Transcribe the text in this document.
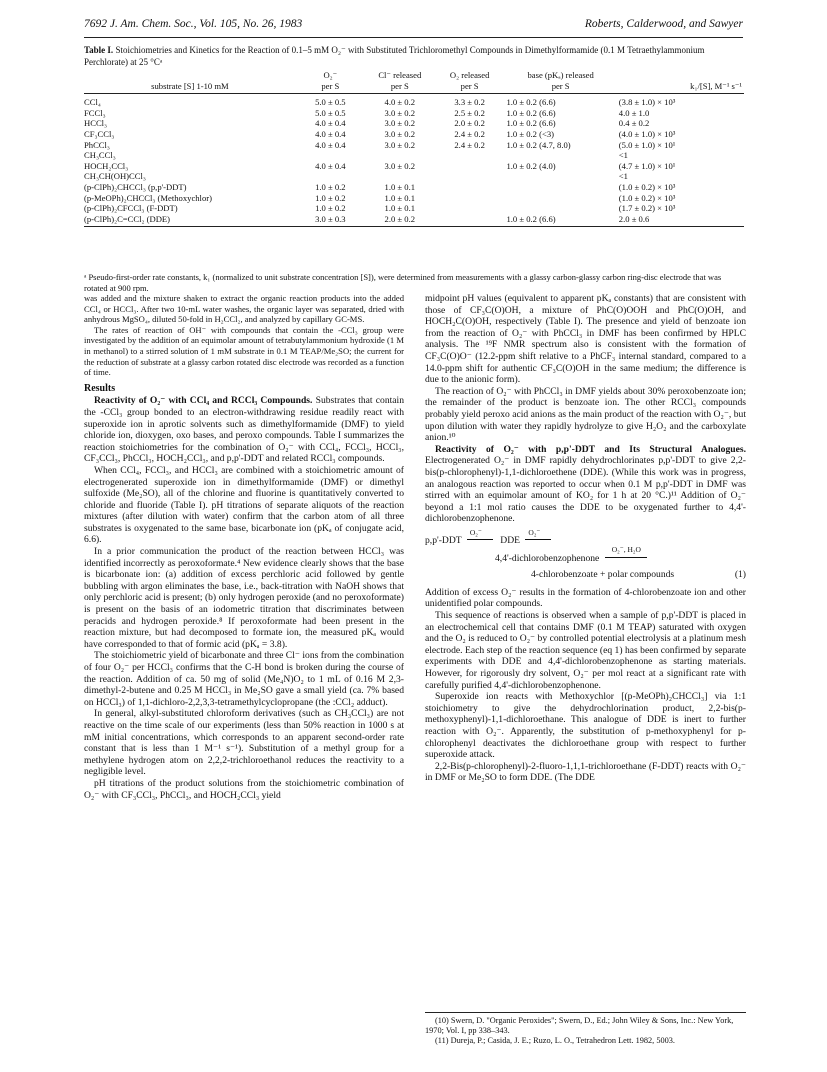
7692 J. Am. Chem. Soc., Vol. 105, No. 26, 1983	Roberts, Calderwood, and Sawyer
Table I. Stoichiometries and Kinetics for the Reaction of 0.1–5 mM O₂⁻ with Substituted Trichloromethyl Compounds in Dimethylformamide (0.1 M Tetraethylammonium Perchlorate) at 25 °Cᵃ
	O₂⁻	Cl⁻ released	O₂ released	base (pKₐ) released	
substrate [S] 1-10 mM	per S	per S	per S	per S	k₁/[S], M⁻¹ s⁻¹
CCl₄	5.0 ± 0.5	4.0 ± 0.2	3.3 ± 0.2	1.0 ± 0.2 (6.6)	(3.8 ± 1.0) × 10³
FCCl₃	5.0 ± 0.5	3.0 ± 0.2	2.5 ± 0.2	1.0 ± 0.2 (6.6)	4.0 ± 1.0
HCCl₃	4.0 ± 0.4	3.0 ± 0.2	2.0 ± 0.2	1.0 ± 0.2 (6.6)	0.4 ± 0.2
CF₃CCl₃	4.0 ± 0.4	3.0 ± 0.2	2.4 ± 0.2	1.0 ± 0.2 (<3)	(4.0 ± 1.0) × 10³
PhCCl₃	4.0 ± 0.4	3.0 ± 0.2	2.4 ± 0.2	1.0 ± 0.2 (4.7, 8.0)	(5.0 ± 1.0) × 10¹
CH₃CCl₃					<1
HOCH₂CCl₃	4.0 ± 0.4	3.0 ± 0.2		1.0 ± 0.2 (4.0)	(4.7 ± 1.0) × 10¹
CH₃CH(OH)CCl₃					<1
(p-ClPh)₂CHCCl₃ (p,p'-DDT)	1.0 ± 0.2	1.0 ± 0.1			(1.0 ± 0.2) × 10³
(p-MeOPh)₂CHCCl₃ (Methoxychlor)	1.0 ± 0.2	1.0 ± 0.1			(1.0 ± 0.2) × 10³
(p-ClPh)₂CFCCl₃ (F-DDT)	1.0 ± 0.2	1.0 ± 0.1			(1.7 ± 0.2) × 10³
(p-ClPh)₂C=CCl₂ (DDE)	3.0 ± 0.3	2.0 ± 0.2		1.0 ± 0.2 (6.6)	2.0 ± 0.6
ᵃ Pseudo-first-order rate constants, k₁ (normalized to unit substrate concentration [S]), were determined from measurements with a glassy carbon-glassy carbon ring-disc electrode that was rotated at 900 rpm.

was added and the mixture shaken to extract the organic reaction products into the added CCl₄ or HCCl₃. After two 10-mL water washes, the organic layer was separated, dried with anhydrous MgSO₄, diluted 50-fold in H₂CCl₂, and analyzed by capillary GC-MS.

The rates of reaction of OH⁻ with compounds that contain the -CCl₃ group were investigated by the addition of an equimolar amount of tetrabutylammonium hydroxide (1 M in methanol) to a stirred solution of 1 mM substrate in 0.1 M TEAP/Me₂SO; the current for the reduction of substrate at a glassy carbon rotated disc electrode was recorded as a function of time.

Results

Reactivity of O₂⁻ with CCl₄ and RCCl₃ Compounds. Substrates that contain the -CCl₃ group bonded to an electron-withdrawing residue readily react with superoxide ion in aprotic solvents such as dimethylformamide (DMF) to yield chloride ion, dioxygen, oxo bases, and peroxo compounds. Table I summarizes the reaction stoichiometries for the combination of O₂⁻ with CCl₄, FCCl₃, HCCl₃, CF₃CCl₃, PhCCl₃, HOCH₂CCl₃, and p,p'-DDT and related RCCl₃ compounds.

When CCl₄, FCCl₃, and HCCl₃ are combined with a stoichiometric amount of electrogenerated superoxide ion in dimethylformamide (DMF) or dimethyl sulfoxide (Me₂SO), all of the chlorine and fluorine is quantitatively converted to chloride and fluoride (Table I). pH titrations of separate aliquots of the reaction mixtures (after dilution with water) confirm that the carbon atom of all three substrates is oxygenated to the same base, bicarbonate ion (pKₐ of conjugate acid, 6.6).

In a prior communication the product of the reaction between HCCl₃ was identified incorrectly as peroxoformate.⁴ New evidence clearly shows that the base is bicarbonate ion: (a) addition of excess perchloric acid followed by gentle bubbling with argon eliminates the base, i.e., back-titration with NaOH shows that only perchloric acid is present; (b) only hydrogen peroxide (and no peroxoformate) is present on the basis of an iodometric titration that discriminates between peracids and hydrogen peroxide.⁸ If peroxoformate had been present in the reaction mixture, but had decomposed to formate ion, the measured pKₐ would have corresponded to that of formic acid (pKₐ = 3.8).

The stoichiometric yield of bicarbonate and three Cl⁻ ions from the combination of four O₂⁻ per HCCl₃ confirms that the C-H bond is broken during the course of the reaction. Addition of ca. 50 mg of solid (Me₄N)O₂ to 1 mL of 0.16 M 2,3-dimethyl-2-butene and 0.25 M HCCl₃ in Me₂SO gave a small yield (ca. 7% based on HCCl₃) of 1,1-dichloro-2,2,3,3-tetramethylcyclopropane (the :CCl₂ adduct).

In general, alkyl-substituted chloroform derivatives (such as CH₃CCl₃) are not reactive on the time scale of our experiments (less than 50% reaction in 1000 s at mM initial concentrations, which corresponds to an apparent second-order rate constant that is less than 1 M⁻¹ s⁻¹). Substitution of a methyl group for a methylene hydrogen atom on 2,2,2-trichloroethanol reduces the reactivity to a negligible level.

pH titrations of the product solutions from the stoichiometric combination of O₂⁻ with CF₃CCl₃, PhCCl₃, and HOCH₂CCl₃ yield

midpoint pH values (equivalent to apparent pKₐ constants) that are consistent with those of CF₃C(O)OH, a mixture of PhC(O)OOH and PhC(O)OH, and HOCH₂C(O)OH, respectively (Table I). The presence and yield of benzoate ion from the reaction of O₂⁻ with PhCCl₃ in DMF has been confirmed by HPLC analysis. The ¹⁹F NMR spectrum also is consistent with the formation of CF₃C(O)O⁻ (12.2-ppm shift relative to a PhCF₃ internal standard, compared to a 14.0-ppm shift for authentic CF₃C(O)OH in the same medium; the difference is due to the anionic form).

The reaction of O₂⁻ with PhCCl₃ in DMF yields about 30% peroxobenzoate ion; the remainder of the product is benzoate ion. The other RCCl₃ compounds probably yield peroxo acid anions as the main product of the reaction with O₂⁻, but upon dilution with water they rapidly hydrolyze to give H₂O₂ and the carboxylate anion.¹⁰

Reactivity of O₂⁻ with p,p'-DDT and Its Structural Analogues. Electrogenerated O₂⁻ in DMF rapidly dehydrochlorinates p,p'-DDT to give 2,2-bis(p-chlorophenyl)-1,1-dichloroethene (DDE). (While this work was in progress, an analogous reaction was reported to occur when 0.1 M p,p'-DDT in DMF was stirred with an equimolar amount of KO₂ for 1 h at 20 °C.)¹¹ Addition of O₂⁻ beyond a 1:1 mol ratio causes the DDE to be oxygenated further to 4,4'-dichlorobenzophenone.

p,p'-DDT
O₂⁻
DDE
O₂⁻
4,4'-dichlorobenzophenone
O₂⁻, H₂O
4-chlorobenzoate + polar compounds	(1)

Addition of excess O₂⁻ results in the formation of 4-chlorobenzoate ion and other unidentified polar compounds.

This sequence of reactions is observed when a sample of p,p'-DDT is placed in an electrochemical cell that contains DMF (0.1 M TEAP) saturated with oxygen and the O₂ is reduced to O₂⁻ by controlled potential electrolysis at a platinum mesh electrode. Each step of the reaction sequence (eq 1) has been confirmed by separate experiments with DDE and 4,4'-dichlorobenzophenone as starting materials. However, for rigorously dry solvent, O₂⁻ per mol react at a significant rate with carefully purified 4,4'-dichlorobenzophenone.

Superoxide ion reacts with Methoxychlor [(p-MeOPh)₂CHCCl₃] via 1:1 stoichiometry to give the dehydrochlorination product, 2,2-bis(p-methoxyphenyl)-1,1-dichloroethane. This analogue of DDE is inert to further reaction with O₂⁻. Apparently, the substitution of p-methoxyphenyl for p-chlorophenyl deactivates the dichloroethane group with respect to further superoxide attack.

2,2-Bis(p-chlorophenyl)-2-fluoro-1,1,1-trichloroethane (F-DDT) reacts with O₂⁻ in DMF or Me₂SO to form DDE. (The DDE

(10) Swern, D. "Organic Peroxides"; Swern, D., Ed.; John Wiley & Sons, Inc.: New York, 1970; Vol. I, pp 338–343.
(11) Dureja, P.; Casida, J. E.; Ruzo, L. O., Tetrahedron Lett. 1982, 5003.
